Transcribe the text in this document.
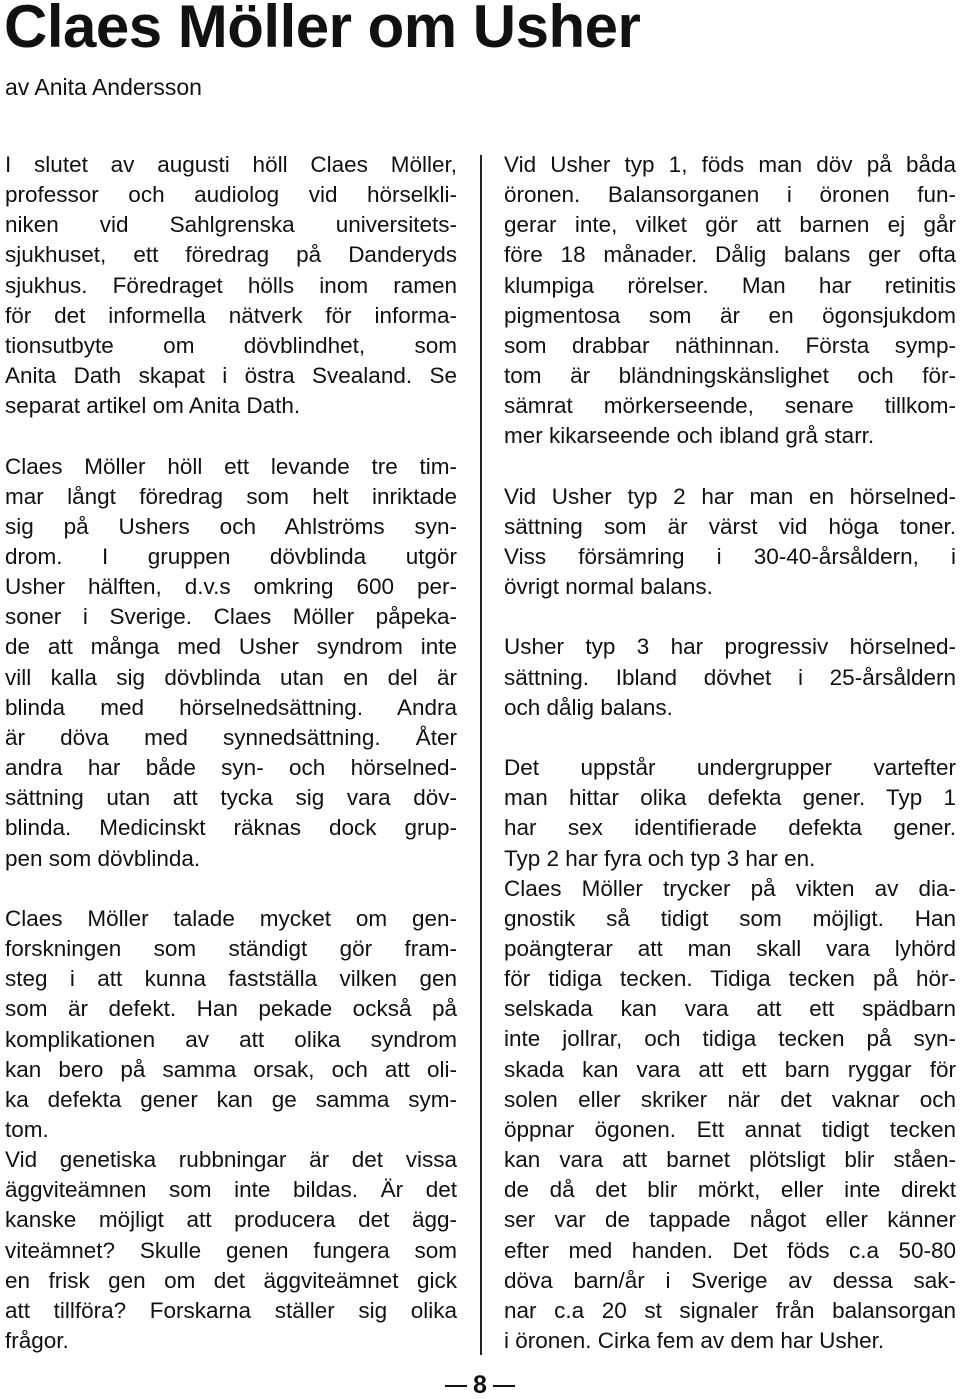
Claes Möller om Usher

av Anita Andersson

I slutet av augusti höll Claes Möller,
professor och audiolog vid hörselkli-
niken vid Sahlgrenska universitets-
sjukhuset, ett föredrag på Danderyds
sjukhus. Föredraget hölls inom ramen
för det informella nätverk för informa-
tionsutbyte om dövblindhet, som
Anita Dath skapat i östra Svealand. Se
separat artikel om Anita Dath.

Claes Möller höll ett levande tre tim-
mar långt föredrag som helt inriktade
sig på Ushers och Ahlströms syn-
drom. I gruppen dövblinda utgör
Usher hälften, d.v.s omkring 600 per-
soner i Sverige. Claes Möller påpeka-
de att många med Usher syndrom inte
vill kalla sig dövblinda utan en del är
blinda med hörselnedsättning. Andra
är döva med synnedsättning. Åter
andra har både syn- och hörselned-
sättning utan att tycka sig vara döv-
blinda. Medicinskt räknas dock grup-
pen som dövblinda.

Claes Möller talade mycket om gen-
forskningen som ständigt gör fram-
steg i att kunna fastställa vilken gen
som är defekt. Han pekade också på
komplikationen av att olika syndrom
kan bero på samma orsak, och att oli-
ka defekta gener kan ge samma sym-
tom.

Vid genetiska rubbningar är det vissa
äggviteämnen som inte bildas. Är det
kanske möjligt att producera det ägg-
viteämnet? Skulle genen fungera som
en frisk gen om det äggviteämnet gick
att tillföra? Forskarna ställer sig olika
frågor.

Vid Usher typ 1, föds man döv på båda
öronen. Balansorganen i öronen fun-
gerar inte, vilket gör att barnen ej går
före 18 månader. Dålig balans ger ofta
klumpiga rörelser. Man har retinitis
pigmentosa som är en ögonsjukdom
som drabbar näthinnan. Första symp-
tom är bländningskänslighet och för-
sämrat mörkerseende, senare tillkom-
mer kikarseende och ibland grå starr.

Vid Usher typ 2 har man en hörselned-
sättning som är värst vid höga toner.
Viss försämring i 30-40-årsåldern, i
övrigt normal balans.

Usher typ 3 har progressiv hörselned-
sättning. Ibland dövhet i 25-årsåldern
och dålig balans.

Det uppstår undergrupper vartefter
man hittar olika defekta gener. Typ 1
har sex identifierade defekta gener.
Typ 2 har fyra och typ 3 har en.

Claes Möller trycker på vikten av dia-
gnostik så tidigt som möjligt. Han
poängterar att man skall vara lyhörd
för tidiga tecken. Tidiga tecken på hör-
selskada kan vara att ett spädbarn
inte jollrar, och tidiga tecken på syn-
skada kan vara att ett barn ryggar för
solen eller skriker när det vaknar och
öppnar ögonen. Ett annat tidigt tecken
kan vara att barnet plötsligt blir ståen-
de då det blir mörkt, eller inte direkt
ser var de tappade något eller känner
efter med handen. Det föds c.a 50-80
döva barn/år i Sverige av dessa sak-
nar c.a 20 st signaler från balansorgan
i öronen. Cirka fem av dem har Usher.

8
